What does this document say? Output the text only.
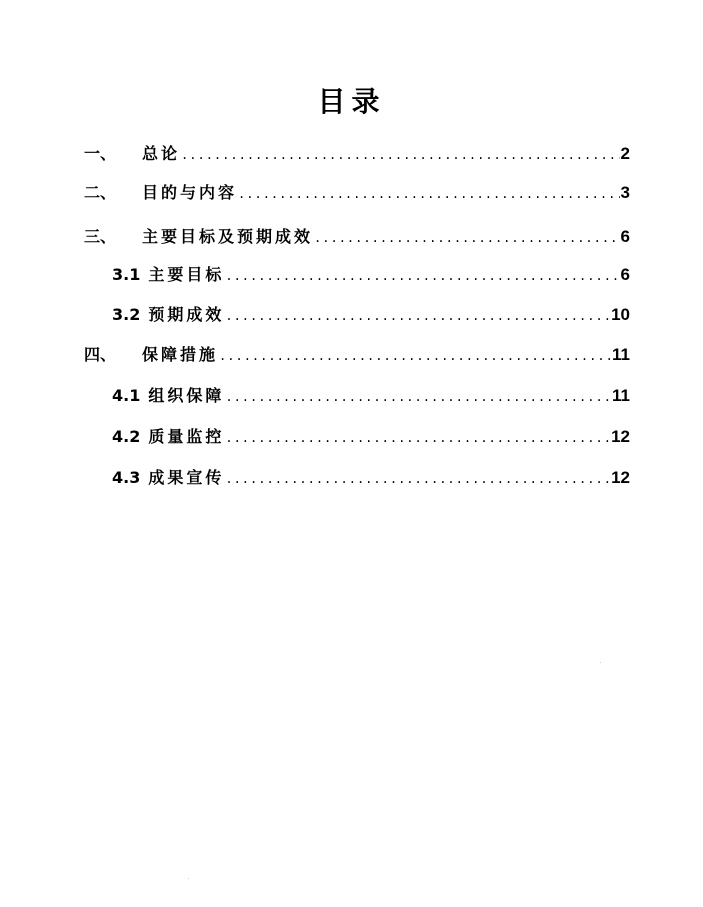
目录
一、	总论 .....	2
二、	目的与内容 .....	3
三、	主要目标及预期成效 .....	6
3.1 主要目标 .....	6
3.2 预期成效 .....	10
四、	保障措施 .....	11
4.1 组织保障 .....	11
4.2 质量监控 .....	12
4.3 成果宣传 .....	12
